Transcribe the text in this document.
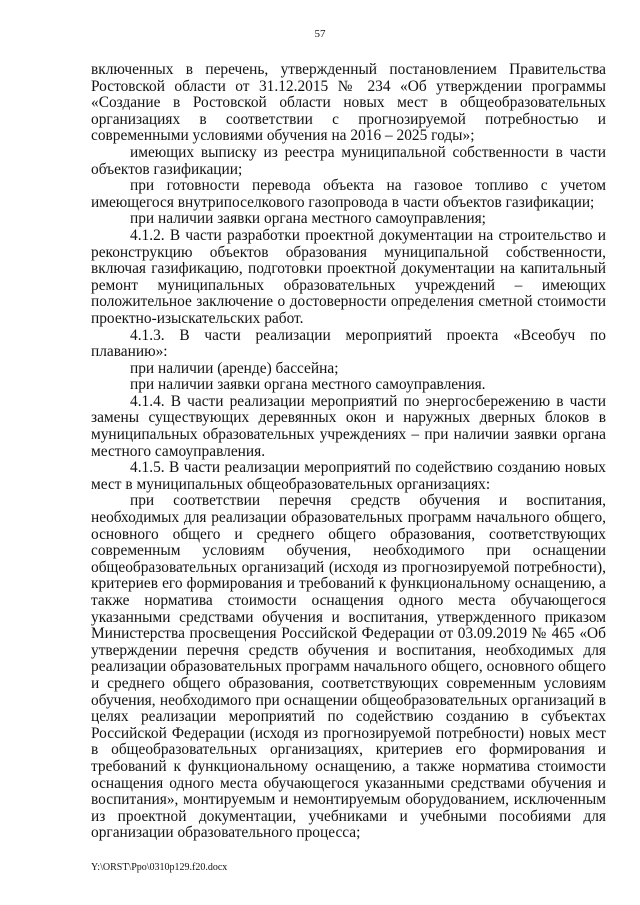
57

включенных в перечень, утвержденный постановлением Правительства Ростовской области от 31.12.2015 № 234 «Об утверждении программы «Создание в Ростовской области новых мест в общеобразовательных организациях в соответствии с прогнозируемой потребностью и современными условиями обучения на 2016 – 2025 годы»;

имеющих выписку из реестра муниципальной собственности в части объектов газификации;

при готовности перевода объекта на газовое топливо с учетом имеющегося внутрипоселкового газопровода в части объектов газификации;

при наличии заявки органа местного самоуправления;

4.1.2. В части разработки проектной документации на строительство и реконструкцию объектов образования муниципальной собственности, включая газификацию, подготовки проектной документации на капитальный ремонт муниципальных образовательных учреждений – имеющих положительное заключение о достоверности определения сметной стоимости проектно-изыскательских работ.

4.1.3. В части реализации мероприятий проекта «Всеобуч по плаванию»:

при наличии (аренде) бассейна;

при наличии заявки органа местного самоуправления.

4.1.4. В части реализации мероприятий по энергосбережению в части замены существующих деревянных окон и наружных дверных блоков в муниципальных образовательных учреждениях – при наличии заявки органа местного самоуправления.

4.1.5. В части реализации мероприятий по содействию созданию новых мест в муниципальных общеобразовательных организациях:

при соответствии перечня средств обучения и воспитания, необходимых для реализации образовательных программ начального общего, основного общего и среднего общего образования, соответствующих современным условиям обучения, необходимого при оснащении общеобразовательных организаций (исходя из прогнозируемой потребности), критериев его формирования и требований к функциональному оснащению, а также норматива стоимости оснащения одного места обучающегося указанными средствами обучения и воспитания, утвержденного приказом Министерства просвещения Российской Федерации от 03.09.2019 № 465 «Об утверждении перечня средств обучения и воспитания, необходимых для реализации образовательных программ начального общего, основного общего и среднего общего образования, соответствующих современным условиям обучения, необходимого при оснащении общеобразовательных организаций в целях реализации мероприятий по содействию созданию в субъектах Российской Федерации (исходя из прогнозируемой потребности) новых мест в общеобразовательных организациях, критериев его формирования и требований к функциональному оснащению, а также норматива стоимости оснащения одного места обучающегося указанными средствами обучения и воспитания», монтируемым и немонтируемым оборудованием, исключенным из проектной документации, учебниками и учебными пособиями для организации образовательного процесса;

Y:\ORST\Ppo\0310p129.f20.docx
